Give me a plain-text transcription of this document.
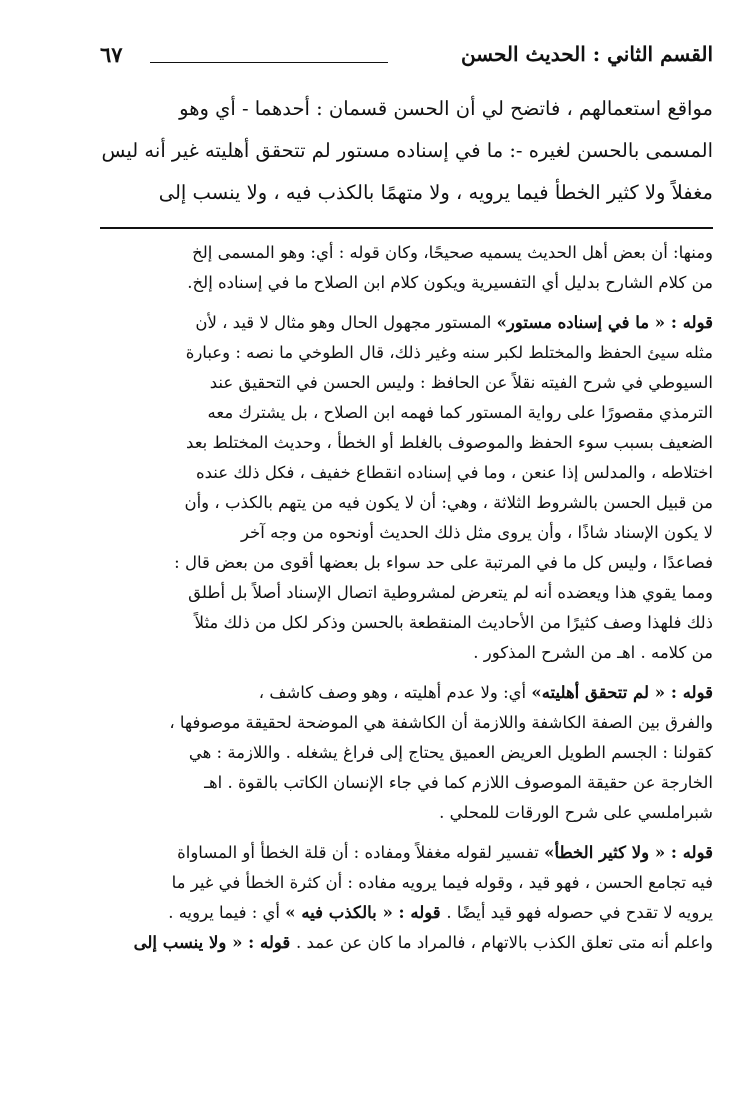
القسم الثاني : الحديث الحسن
٦٧
مواقع استعمالهم ، فاتضح لي أن الحسن قسمان : أحدهما - أي وهو
المسمى بالحسن لغيره -: ما في إسناده مستور لم تتحقق أهليته غير أنه ليس
مغفلاً ولا كثير الخطأ فيما يرويه ، ولا متهمًا بالكذب فيه ، ولا ينسب إلى
ومنها: أن بعض أهل الحديث يسميه صحيحًا، وكان قوله : أي: وهو المسمى إلخ
من كلام الشارح بدليل أي التفسيرية ويكون كلام ابن الصلاح ما في إسناده إلخ.
قوله : « ما في إسناده مستور» المستور مجهول الحال وهو مثال لا قيد ، لأن
مثله سيئ الحفظ والمختلط لكبر سنه وغير ذلك، قال الطوخي ما نصه : وعبارة
السيوطي في شرح الفيته نقلاً عن الحافظ : وليس الحسن في التحقيق عند
الترمذي مقصورًا على رواية المستور كما فهمه ابن الصلاح ، بل يشترك معه
الضعيف بسبب سوء الحفظ والموصوف بالغلط أو الخطأ ، وحديث المختلط بعد
اختلاطه ، والمدلس إذا عنعن ، وما في إسناده انقطاع خفيف ، فكل ذلك عنده
من قبيل الحسن بالشروط الثلاثة ، وهي: أن لا يكون فيه من يتهم بالكذب ، وأن
لا يكون الإسناد شاذًا ، وأن يروى مثل ذلك الحديث أونحوه من وجه آخر
فصاعدًا ، وليس كل ما في المرتبة على حد سواء بل بعضها أقوى من بعض قال :
ومما يقوي هذا ويعضده أنه لم يتعرض لمشروطية اتصال الإسناد أصلاً بل أطلق
ذلك فلهذا وصف كثيرًا من الأحاديث المنقطعة بالحسن وذكر لكل من ذلك مثلاً
من كلامه . اهـ من الشرح المذكور .
قوله : « لم تتحقق أهليته» أي: ولا عدم أهليته ، وهو وصف كاشف ،
والفرق بين الصفة الكاشفة واللازمة أن الكاشفة هي الموضحة لحقيقة موصوفها ،
كقولنا : الجسم الطويل العريض العميق يحتاج إلى فراغ يشغله . واللازمة : هي
الخارجة عن حقيقة الموصوف اللازم كما في جاء الإنسان الكاتب بالقوة . اهـ
شبراملسي على شرح الورقات للمحلي .
قوله : « ولا كثير الخطأ» تفسير لقوله مغفلاً ومفاده : أن قلة الخطأ أو المساواة
فيه تجامع الحسن ، فهو قيد ، وقوله فيما يرويه مفاده : أن كثرة الخطأ في غير ما
يرويه لا تقدح في حصوله فهو قيد أيضًا . قوله : « بالكذب فيه » أي : فيما يرويه .
واعلم أنه متى تعلق الكذب بالاتهام ، فالمراد ما كان عن عمد . قوله : « ولا ينسب إلى
